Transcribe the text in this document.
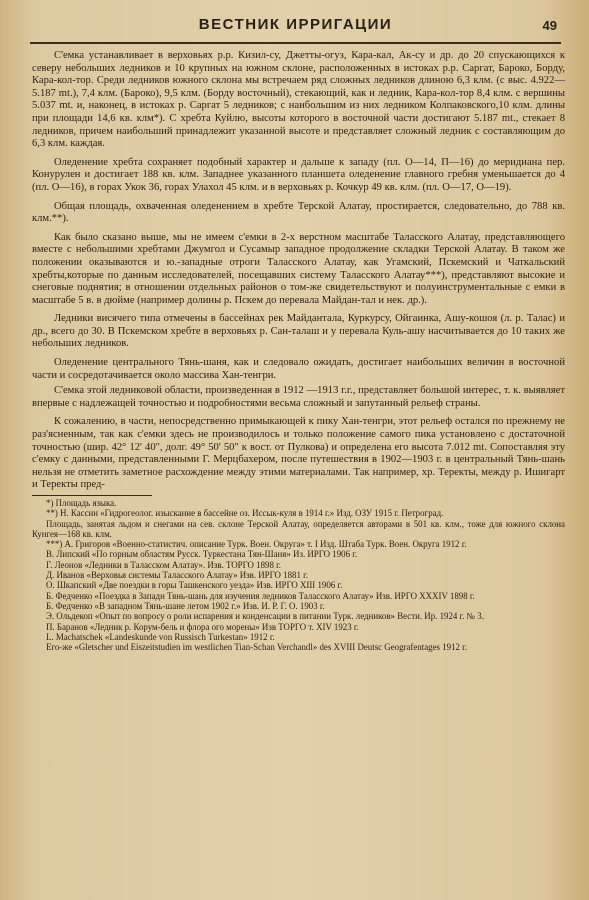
ВЕСТНИК ИРРИГАЦИИ	49

С'емка устанавливает в верховьях р.р. Кизил-су, Джетты-огуз, Кара-кал, Ак-су и др. до 20 спускающихся к северу небольших ледников и 10 крупных на южном склоне, расположенных в истоках р.р. Саргат, Бароко, Борду, Кара-кол-тор. Среди ледников южного склона мы встречаем ряд сложных ледников длиною 6,3 клм. (с выс. 4.922—5.187 mt.), 7,4 клм. (Бароко), 9,5 клм. (Борду восточный), стекающий, как и ледник, Кара-кол-тор 8,4 клм. с вершины 5.037 mt. и, наконец, в истоках р. Саргат 5 ледников; с наибольшим из них ледником Колпаковского,10 клм. длины при площади 14,6 кв. клм*). С хребта Куйлю, высоты которого в восточной части достигают 5.187 mt., стекает 8 ледников, причем наибольший принадлежит указанной высоте и представляет сложный ледник с составляющим до 6,3 клм. каждая.

Оледенение хребта сохраняет подобный характер и дальше к западу (пл. О—14, П—16) до меридиана пер. Конурулен и достигает 188 кв. клм. Западнее указанного планшета оледенение главного гребня уменьшается до 4 (пл. О—16), в горах Укок 36, горах Улахол 45 клм. и в верховьях р. Кочкур 49 кв. клм. (пл. О—17, О—19).

Общая площадь, охваченная оледенением в хребте Терской Алатау, простирается, следовательно, до 788 кв. клм.**).

Как было сказано выше, мы не имеем с'емки в 2-х верстном масштабе Таласского Алатау, представляющего вместе с небольшими хребтами Джумгол и Сусамыр западное продолжение складки Терской Алатау. В таком же положении оказываются и ю.-западные отроги Таласского Алатау, как Угамский, Пскемский и Чаткальский хребты,которые по данным исследователей, посещавших систему Таласского Алатау***), представляют высокие и снеговые поднятия; в отношении отдельных районов о том-же свидетельствуют и полуинструментальные с емки в масштабе 5 в. в дюйме (например долины р. Пскем до перевала Майдан-тал и нек. др.).

Ледники висячего типа отмечены в бассейнах рек Майдантала, Куркурсу, Ойгаинка, Ашу-кошоя (л. р. Талас) и др., всего до 30. В Пскемском хребте в верховьях р. Сан-талаш и у перевала Куль-ашу насчитывается до 10 таких же небольших ледников.

Оледенение центрального Тянь-шаня, как и следовало ожидать, достигает наибольших величин в восточной части и сосредотачивается около массива Хан-тенгри.

С'емка этой ледниковой области, произведенная в 1912 —1913 г.г., представляет большой интерес, т. к. выявляет впервые с надлежащей точностью и подробностями весьма сложный и запутанный рельеф страны.

К сожалению, в части, непосредственно примыкающей к пику Хан-тенгри, этот рельеф остался по прежнему не раз'ясненным, так как с'емки здесь не производилось и только положение самого пика установлено с достаточной точностью (шир. 42° 12' 40", долг. 49° 50' 50" к вост. от Пулкова) и определена его высота 7.012 mt. Сопоставляя эту с'емку с данными, представленными Г. Мерцбахером, после путешествия в 1902—1903 г. в центральный Тянь-шань нельзя не отметить заметное расхождение между этими материалами. Так например, хр. Теректы, между р. Ишигарт и Теректы пред-

*) Площадь языка.
**) Н. Кассин «Гидрогеолог. изыскание в бассейне оз. Иссык-куля в 1914 г.» Изд. ОЗУ 1915 г. Петроград.
Площадь, занятая льдом и снегами на сев. склоне Терской Алатау, определяется авторами в 501 кв. клм., тоже для южного склона Кунгея—168 кв. клм.
***) А. Григоров «Военно-статистич. описание Турк. Воен. Округа» т. I Изд. Штаба Турк. Воен. Округа 1912 г.
В. Липский «По горным областям Русск. Туркестана Тян-Шаня» Из. ИРГО 1906 г.
Г. Леонов «Ледники в Таласском Алатау». Изв. ТОРГО 1898 г.
Д. Иванов «Верховья системы Таласского Алатау» Изв. ИРГО 1881 г.
О. Шкапский «Две поездки в горы Ташкенского уезда» Изв. ИРГО XIII 1906 г.
Б. Федченко «Поездка в Западн Тянь-шань для изучения ледников Таласского Алатау» Изв. ИРГО XXXIV 1898 г.
Б. Федченко «В западном Тянь-шане летом 1902 г.» Изв. И. Р. Г. О. 1903 г.
Э. Ольдекоп «Опыт по вопросу о роли испарения и конденсации в питании Турк. ледников» Вести. Ир. 1924 г. № 3.
П. Баранов «Ледник р. Корум-бель и флора ого морены» Изв ТОРГО т. XIV 1923 г.
L. Machatschek «Landeskunde von Russisch Turkestan» 1912 г.
Его-же «Gletscher und Eiszeitstudien im westlichen Tian-Schan Verchandl» des XVIII Deutsc Geografentages 1912 г.
